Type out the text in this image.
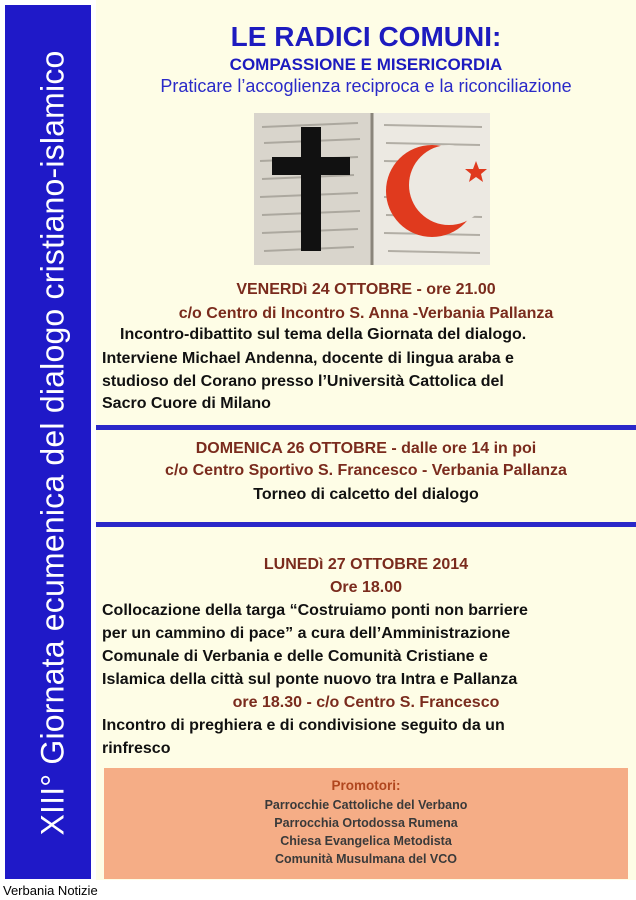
XIII° Giornata ecumenica del dialogo cristiano-islamico
LE RADICI COMUNI:
COMPASSIONE E MISERICORDIA
Praticare l’accoglienza reciproca e la riconciliazione
VENERDì 24 OTTOBRE - ore 21.00
c/o Centro di Incontro S. Anna -Verbania Pallanza
Incontro-dibattito sul tema della Giornata del dialogo.
Interviene Michael Andenna, docente di lingua araba e
studioso del Corano presso l’Università Cattolica del
Sacro Cuore di Milano
DOMENICA 26 OTTOBRE - dalle ore 14 in poi
c/o Centro Sportivo S. Francesco - Verbania Pallanza
Torneo di calcetto del dialogo
LUNEDì 27 OTTOBRE 2014
Ore 18.00
Collocazione della targa “Costruiamo ponti non barriere
per un cammino di pace” a cura dell’Amministrazione
Comunale di Verbania e delle Comunità Cristiane e
Islamica della città sul ponte nuovo tra Intra e Pallanza
ore 18.30 - c/o Centro S. Francesco
Incontro di preghiera e di condivisione seguito da un
rinfresco
Promotori:
Parrocchie Cattoliche del Verbano
Parrocchia Ortodossa Rumena
Chiesa Evangelica Metodista
Comunità Musulmana del VCO
Verbania Notizie
